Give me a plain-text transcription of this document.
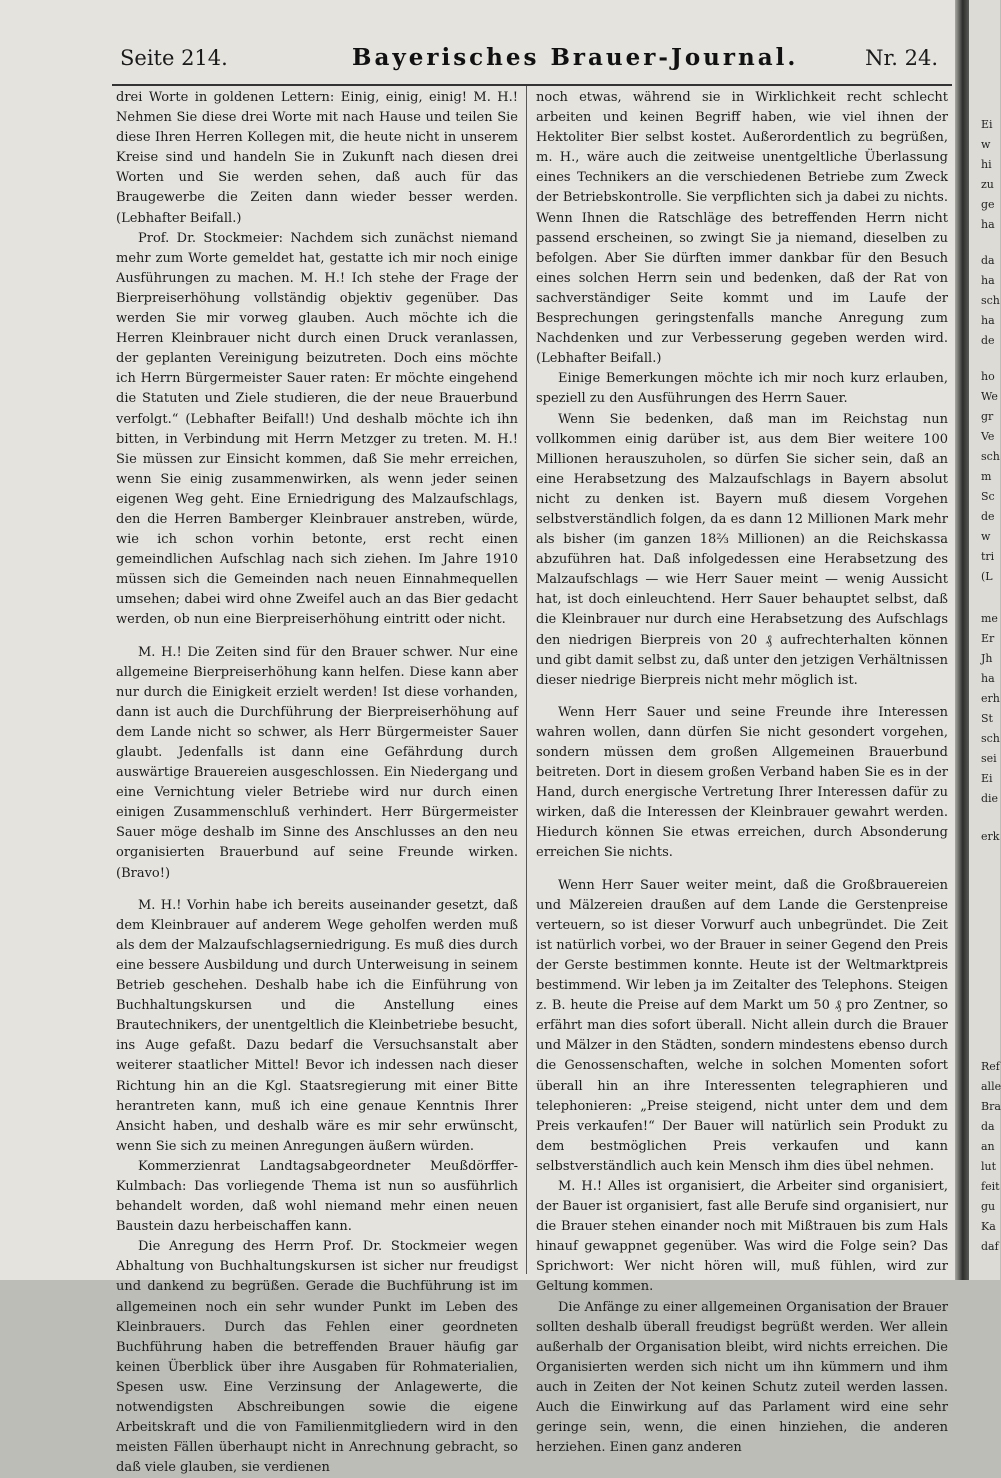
Seite 214.	Bayerisches Brauer-Journal.	Nr. 24.

drei Worte in goldenen Lettern: Einig, einig, einig! M. H.! Nehmen Sie diese drei Worte mit nach Hause und teilen Sie diese Ihren Herren Kollegen mit, die heute nicht in unserem Kreise sind und handeln Sie in Zukunft nach diesen drei Worten und Sie werden sehen, daß auch für das Braugewerbe die Zeiten dann wieder besser werden. (Lebhafter Beifall.)

Prof. Dr. Stockmeier: Nachdem sich zunächst niemand mehr zum Worte gemeldet hat, gestatte ich mir noch einige Ausführungen zu machen. M. H.! Ich stehe der Frage der Bierpreiserhöhung vollständig objektiv gegenüber. Das werden Sie mir vorweg glauben. Auch möchte ich die Herren Kleinbrauer nicht durch einen Druck veranlassen, der geplanten Vereinigung beizutreten. Doch eins möchte ich Herrn Bürgermeister Sauer raten: Er möchte eingehend die Statuten und Ziele studieren, die der neue Brauerbund verfolgt.“ (Lebhafter Beifall!) Und deshalb möchte ich ihn bitten, in Verbindung mit Herrn Metzger zu treten. M. H.! Sie müssen zur Einsicht kommen, daß Sie mehr erreichen, wenn Sie einig zusammenwirken, als wenn jeder seinen eigenen Weg geht. Eine Erniedrigung des Malzaufschlags, den die Herren Bamberger Kleinbrauer anstreben, würde, wie ich schon vorhin betonte, erst recht einen gemeindlichen Aufschlag nach sich ziehen. Im Jahre 1910 müssen sich die Gemeinden nach neuen Einnahmequellen umsehen; dabei wird ohne Zweifel auch an das Bier gedacht werden, ob nun eine Bierpreiserhöhung eintritt oder nicht.

M. H.! Die Zeiten sind für den Brauer schwer. Nur eine allgemeine Bierpreiserhöhung kann helfen. Diese kann aber nur durch die Einigkeit erzielt werden! Ist diese vorhanden, dann ist auch die Durchführung der Bierpreiserhöhung auf dem Lande nicht so schwer, als Herr Bürgermeister Sauer glaubt. Jedenfalls ist dann eine Gefährdung durch auswärtige Brauereien ausgeschlossen. Ein Niedergang und eine Vernichtung vieler Betriebe wird nur durch einen einigen Zusammenschluß verhindert. Herr Bürgermeister Sauer möge deshalb im Sinne des Anschlusses an den neu organisierten Brauerbund auf seine Freunde wirken. (Bravo!)

M. H.! Vorhin habe ich bereits auseinander gesetzt, daß dem Kleinbrauer auf anderem Wege geholfen werden muß als dem der Malzaufschlagserniedrigung. Es muß dies durch eine bessere Ausbildung und durch Unterweisung in seinem Betrieb geschehen. Deshalb habe ich die Einführung von Buchhaltungskursen und die Anstellung eines Brautechnikers, der unentgeltlich die Kleinbetriebe besucht, ins Auge gefaßt. Dazu bedarf die Versuchsanstalt aber weiterer staatlicher Mittel! Bevor ich indessen nach dieser Richtung hin an die Kgl. Staatsregierung mit einer Bitte herantreten kann, muß ich eine genaue Kenntnis Ihrer Ansicht haben, und deshalb wäre es mir sehr erwünscht, wenn Sie sich zu meinen Anregungen äußern würden.

Kommerzienrat Landtagsabgeordneter Meußdörffer-Kulmbach: Das vorliegende Thema ist nun so ausführlich behandelt worden, daß wohl niemand mehr einen neuen Baustein dazu herbeischaffen kann.

Die Anregung des Herrn Prof. Dr. Stockmeier wegen Abhaltung von Buchhaltungskursen ist sicher nur freudigst und dankend zu begrüßen. Gerade die Buchführung ist im allgemeinen noch ein sehr wunder Punkt im Leben des Kleinbrauers. Durch das Fehlen einer geordneten Buchführung haben die betreffenden Brauer häufig gar keinen Überblick über ihre Ausgaben für Rohmaterialien, Spesen usw. Eine Verzinsung der Anlagewerte, die notwendigsten Abschreibungen sowie die eigene Arbeitskraft und die von Familienmitgliedern wird in den meisten Fällen überhaupt nicht in Anrechnung gebracht, so daß viele glauben, sie verdienen

noch etwas, während sie in Wirklichkeit recht schlecht arbeiten und keinen Begriff haben, wie viel ihnen der Hektoliter Bier selbst kostet. Außerordentlich zu begrüßen, m. H., wäre auch die zeitweise unentgeltliche Überlassung eines Technikers an die verschiedenen Betriebe zum Zweck der Betriebskontrolle. Sie verpflichten sich ja dabei zu nichts. Wenn Ihnen die Ratschläge des betreffenden Herrn nicht passend erscheinen, so zwingt Sie ja niemand, dieselben zu befolgen. Aber Sie dürften immer dankbar für den Besuch eines solchen Herrn sein und bedenken, daß der Rat von sachverständiger Seite kommt und im Laufe der Besprechungen geringstenfalls manche Anregung zum Nachdenken und zur Verbesserung gegeben werden wird. (Lebhafter Beifall.)

Einige Bemerkungen möchte ich mir noch kurz erlauben, speziell zu den Ausführungen des Herrn Sauer.

Wenn Sie bedenken, daß man im Reichstag nun vollkommen einig darüber ist, aus dem Bier weitere 100 Millionen herauszuholen, so dürfen Sie sicher sein, daß an eine Herabsetzung des Malzaufschlags in Bayern absolut nicht zu denken ist. Bayern muß diesem Vorgehen selbstverständlich folgen, da es dann 12 Millionen Mark mehr als bisher (im ganzen 18⅔ Millionen) an die Reichskassa abzuführen hat. Daß infolgedessen eine Herabsetzung des Malzaufschlags — wie Herr Sauer meint — wenig Aussicht hat, ist doch einleuchtend. Herr Sauer behauptet selbst, daß die Kleinbrauer nur durch eine Herabsetzung des Aufschlags den niedrigen Bierpreis von 20 ₰ aufrechterhalten können und gibt damit selbst zu, daß unter den jetzigen Verhältnissen dieser niedrige Bierpreis nicht mehr möglich ist.

Wenn Herr Sauer und seine Freunde ihre Interessen wahren wollen, dann dürfen Sie nicht gesondert vorgehen, sondern müssen dem großen Allgemeinen Brauerbund beitreten. Dort in diesem großen Verband haben Sie es in der Hand, durch energische Vertretung Ihrer Interessen dafür zu wirken, daß die Interessen der Kleinbrauer gewahrt werden. Hiedurch können Sie etwas erreichen, durch Absonderung erreichen Sie nichts.

Wenn Herr Sauer weiter meint, daß die Großbrauereien und Mälzereien draußen auf dem Lande die Gerstenpreise verteuern, so ist dieser Vorwurf auch unbegründet. Die Zeit ist natürlich vorbei, wo der Brauer in seiner Gegend den Preis der Gerste bestimmen konnte. Heute ist der Weltmarktpreis bestimmend. Wir leben ja im Zeitalter des Telephons. Steigen z. B. heute die Preise auf dem Markt um 50 ₰ pro Zentner, so erfährt man dies sofort überall. Nicht allein durch die Brauer und Mälzer in den Städten, sondern mindestens ebenso durch die Genossenschaften, welche in solchen Momenten sofort überall hin an ihre Interessenten telegraphieren und telephonieren: „Preise steigend, nicht unter dem und dem Preis verkaufen!“ Der Bauer will natürlich sein Produkt zu dem bestmöglichen Preis verkaufen und kann selbstverständlich auch kein Mensch ihm dies übel nehmen.

M. H.! Alles ist organisiert, die Arbeiter sind organisiert, der Bauer ist organisiert, fast alle Berufe sind organisiert, nur die Brauer stehen einander noch mit Mißtrauen bis zum Hals hinauf gewappnet gegenüber. Was wird die Folge sein? Das Sprichwort: Wer nicht hören will, muß fühlen, wird zur Geltung kommen.

Die Anfänge zu einer allgemeinen Organisation der Brauer sollten deshalb überall freudigst begrüßt werden. Wer allein außerhalb der Organisation bleibt, wird nichts erreichen. Die Organisierten werden sich nicht um ihn kümmern und ihm auch in Zeiten der Not keinen Schutz zuteil werden lassen. Auch die Einwirkung auf das Parlament wird eine sehr geringe sein, wenn, die einen hinziehen, die anderen herziehen. Einen ganz anderen

Ei
w
hi
zu
ge
ha
da
ha
sch
ha
de
ho
We
gr
Ve
sch
m
Sc
de
w
tri
(L
me
Er
Jh
ha
erh
St
sch
sei
Ei
die
erk
Ref
alle
Bra
da
an
lut
feit
gu
Ka
daf
